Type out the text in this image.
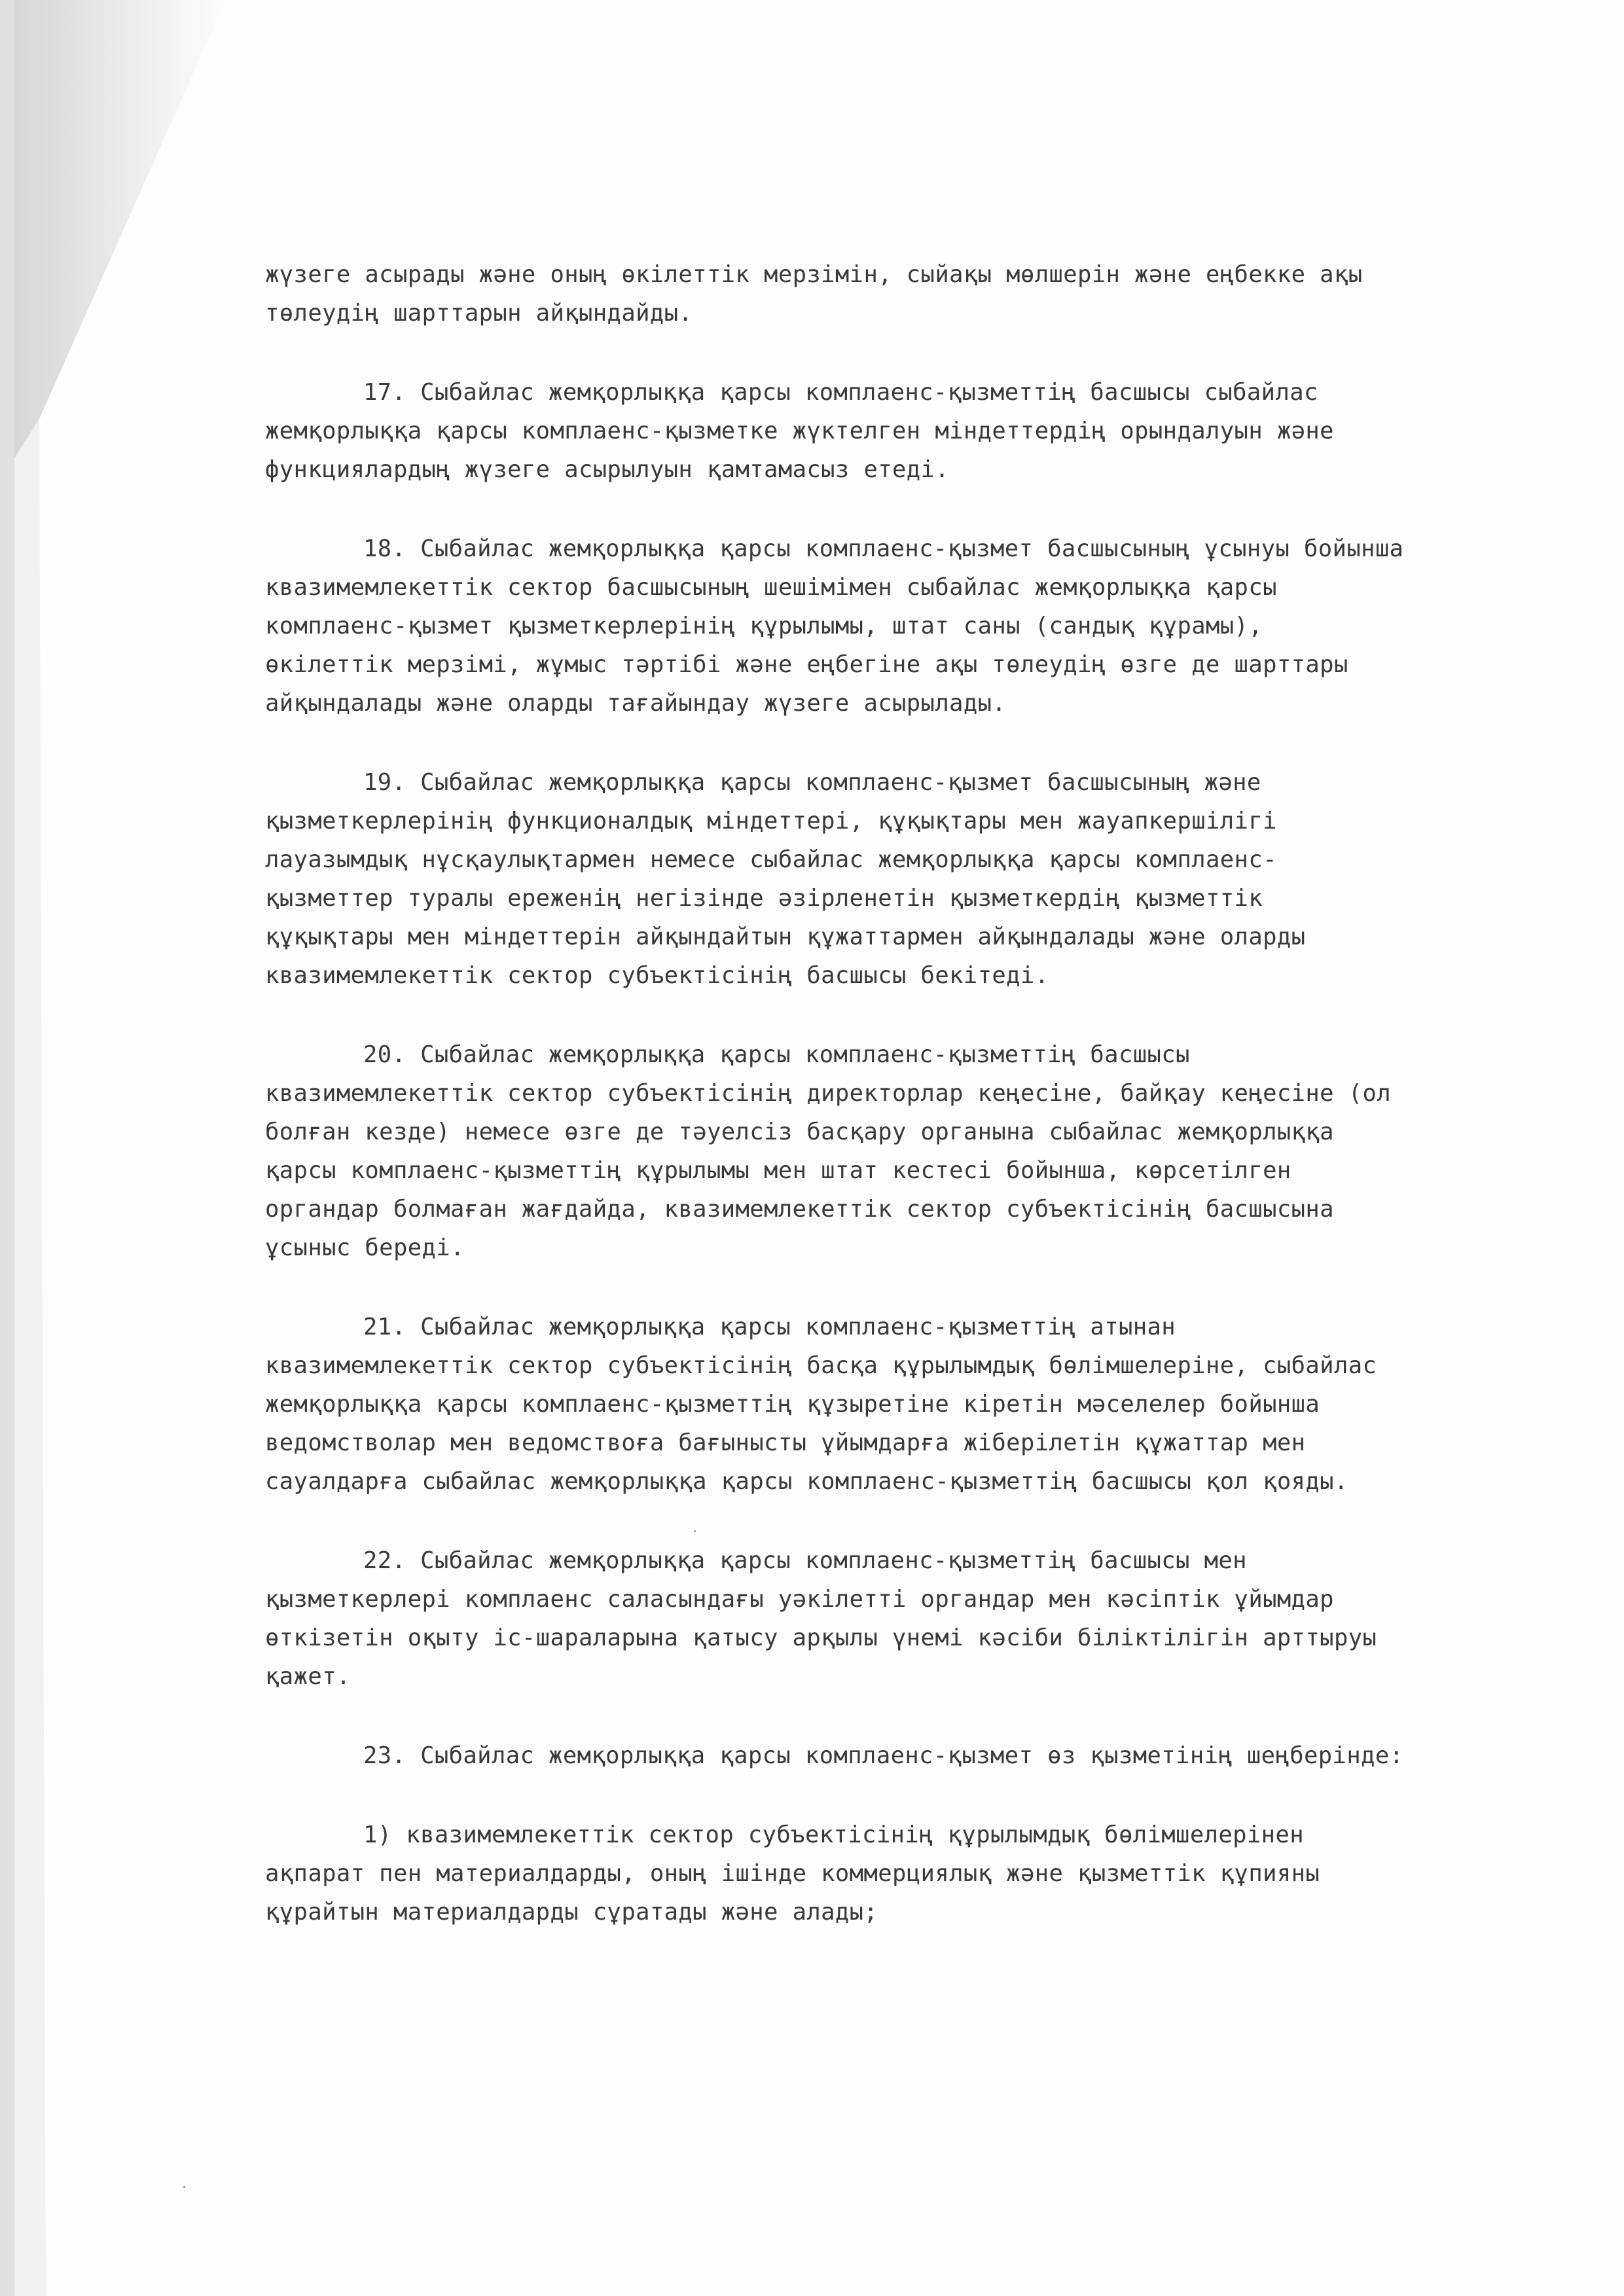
жүзеге асырады және оның өкілеттік мерзімін, сыйақы мөлшерін және еңбекке ақы
төлеудің шарттарын айқындайды.
17. Сыбайлас жемқорлыққа қарсы комплаенс-қызметтің басшысы сыбайлас
жемқорлыққа қарсы комплаенс-қызметке жүктелген міндеттердің орындалуын және
функциялардың жүзеге асырылуын қамтамасыз етеді.
18. Сыбайлас жемқорлыққа қарсы комплаенс-қызмет басшысының ұсынуы бойынша
квазимемлекеттік сектор басшысының шешімімен сыбайлас жемқорлыққа қарсы
комплаенс-қызмет қызметкерлерінің құрылымы, штат саны (сандық құрамы),
өкілеттік мерзімі, жұмыс тәртібі және еңбегіне ақы төлеудің өзге де шарттары
айқындалады және оларды тағайындау жүзеге асырылады.
19. Сыбайлас жемқорлыққа қарсы комплаенс-қызмет басшысының және
қызметкерлерінің функционалдық міндеттері, құқықтары мен жауапкершілігі
лауазымдық нұсқаулықтармен немесе сыбайлас жемқорлыққа қарсы комплаенс-
қызметтер туралы ереженің негізінде әзірленетін қызметкердің қызметтік
құқықтары мен міндеттерін айқындайтын құжаттармен айқындалады және оларды
квазимемлекеттік сектор субъектісінің басшысы бекітеді.
20. Сыбайлас жемқорлыққа қарсы комплаенс-қызметтің басшысы
квазимемлекеттік сектор субъектісінің директорлар кеңесіне, байқау кеңесіне (ол
болған кезде) немесе өзге де тәуелсіз басқару органына сыбайлас жемқорлыққа
қарсы комплаенс-қызметтің құрылымы мен штат кестесі бойынша, көрсетілген
органдар болмаған жағдайда, квазимемлекеттік сектор субъектісінің басшысына
ұсыныс береді.
21. Сыбайлас жемқорлыққа қарсы комплаенс-қызметтің атынан
квазимемлекеттік сектор субъектісінің басқа құрылымдық бөлімшелеріне, сыбайлас
жемқорлыққа қарсы комплаенс-қызметтің құзыретіне кіретін мәселелер бойынша
ведомстволар мен ведомствоға бағынысты ұйымдарға жіберілетін құжаттар мен
сауалдарға сыбайлас жемқорлыққа қарсы комплаенс-қызметтің басшысы қол қояды.
22. Сыбайлас жемқорлыққа қарсы комплаенс-қызметтің басшысы мен
қызметкерлері комплаенс саласындағы уәкілетті органдар мен кәсіптік ұйымдар
өткізетін оқыту іс-шараларына қатысу арқылы үнемі кәсіби біліктілігін арттыруы
қажет.
23. Сыбайлас жемқорлыққа қарсы комплаенс-қызмет өз қызметінің шеңберінде:
1) квазимемлекеттік сектор субъектісінің құрылымдық бөлімшелерінен
ақпарат пен материалдарды, оның ішінде коммерциялық және қызметтік құпияны
құрайтын материалдарды сұратады және алады;
